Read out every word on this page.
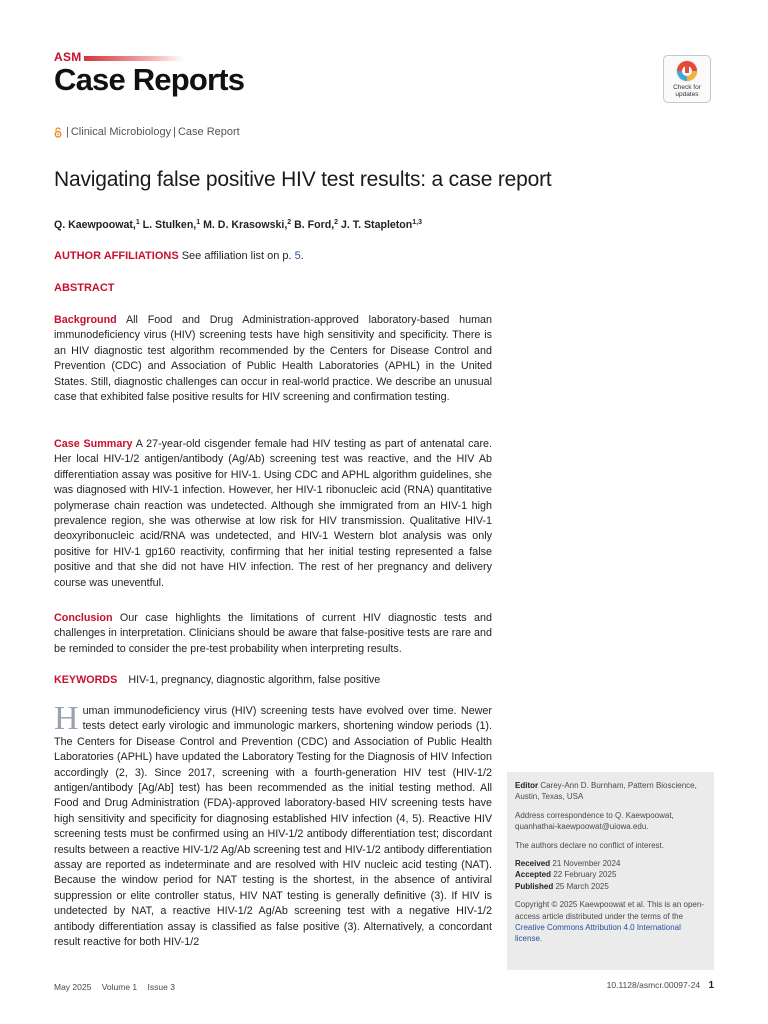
ASM
Case Reports	Check for
updates
| Clinical Microbiology | Case Report
Navigating false positive HIV test results: a case report
Q. Kaewpoowat,$^1$ L. Stulken,$^1$ M. D. Krasowski,$^2$ B. Ford,$^2$ J. T. Stapleton$^{1,3}$
AUTHOR AFFILIATIONS See affiliation list on p. 5.
ABSTRACT

Background All Food and Drug Administration-approved laboratory-based human immunodeficiency virus (HIV) screening tests have high sensitivity and specificity. There is an HIV diagnostic test algorithm recommended by the Centers for Disease Control and Prevention (CDC) and Association of Public Health Laboratories (APHL) in the United States. Still, diagnostic challenges can occur in real-world practice. We describe an unusual case that exhibited false positive results for HIV screening and confirmation testing.

Case Summary A 27-year-old cisgender female had HIV testing as part of antenatal care. Her local HIV-1/2 antigen/antibody (Ag/Ab) screening test was reactive, and the HIV Ab differentiation assay was positive for HIV-1. Using CDC and APHL algorithm guidelines, she was diagnosed with HIV-1 infection. However, her HIV-1 ribonucleic acid (RNA) quantitative polymerase chain reaction was undetected. Although she immigrated from an HIV-1 high prevalence region, she was otherwise at low risk for HIV transmission. Qualitative HIV-1 deoxyribonucleic acid/RNA was undetected, and HIV-1 Western blot analysis was only positive for HIV-1 gp160 reactivity, confirming that her initial testing represented a false positive and that she did not have HIV infection. The rest of her pregnancy and delivery course was uneventful.

Conclusion Our case highlights the limitations of current HIV diagnostic tests and challenges in interpretation. Clinicians should be aware that false-positive tests are rare and be reminded to consider the pre-test probability when interpreting results.

KEYWORDS HIV-1, pregnancy, diagnostic algorithm, false positive
Human immunodeficiency virus (HIV) screening tests have evolved over time. Newer tests detect early virologic and immunologic markers, shortening window periods (1). The Centers for Disease Control and Prevention (CDC) and Association of Public Health Laboratories (APHL) have updated the Laboratory Testing for the Diagnosis of HIV Infection accordingly (2, 3). Since 2017, screening with a fourth-generation HIV test (HIV-1/2 antigen/antibody [Ag/Ab] test) has been recommended as the initial testing method. All Food and Drug Administration (FDA)-approved laboratory-based HIV screening tests have high sensitivity and specificity for diagnosing established HIV infection (4, 5). Reactive HIV screening tests must be confirmed using an HIV-1/2 antibody differentiation test; discordant results between a reactive HIV-1/2 Ag/Ab screening test and HIV-1/2 antibody differentiation assay are reported as indeterminate and are resolved with HIV nucleic acid testing (NAT). Because the window period for NAT testing is the shortest, in the absence of antiviral suppression or elite controller status, HIV NAT testing is generally definitive (3). If HIV is undetected by NAT, a reactive HIV-1/2 Ag/Ab screening test with a negative HIV-1/2 antibody differentiation assay is classified as false positive (3). Alternatively, a concordant result reactive for both HIV-1/2

Editor Carey-Ann D. Burnham, Pattern Bioscience, Austin, Texas, USA

Address correspondence to Q. Kaewpoowat, quanhathai-kaewpoowat@uiowa.edu.

The authors declare no conflict of interest.

Received 21 November 2024

Accepted 22 February 2025

Published 25 March 2025

Copyright © 2025 Kaewpoowat et al. This is an open-access article distributed under the terms of the Creative Commons Attribution 4.0 International license.

May 2025 Volume 1 Issue 3	10.1128/asmcr.00097-24 1
